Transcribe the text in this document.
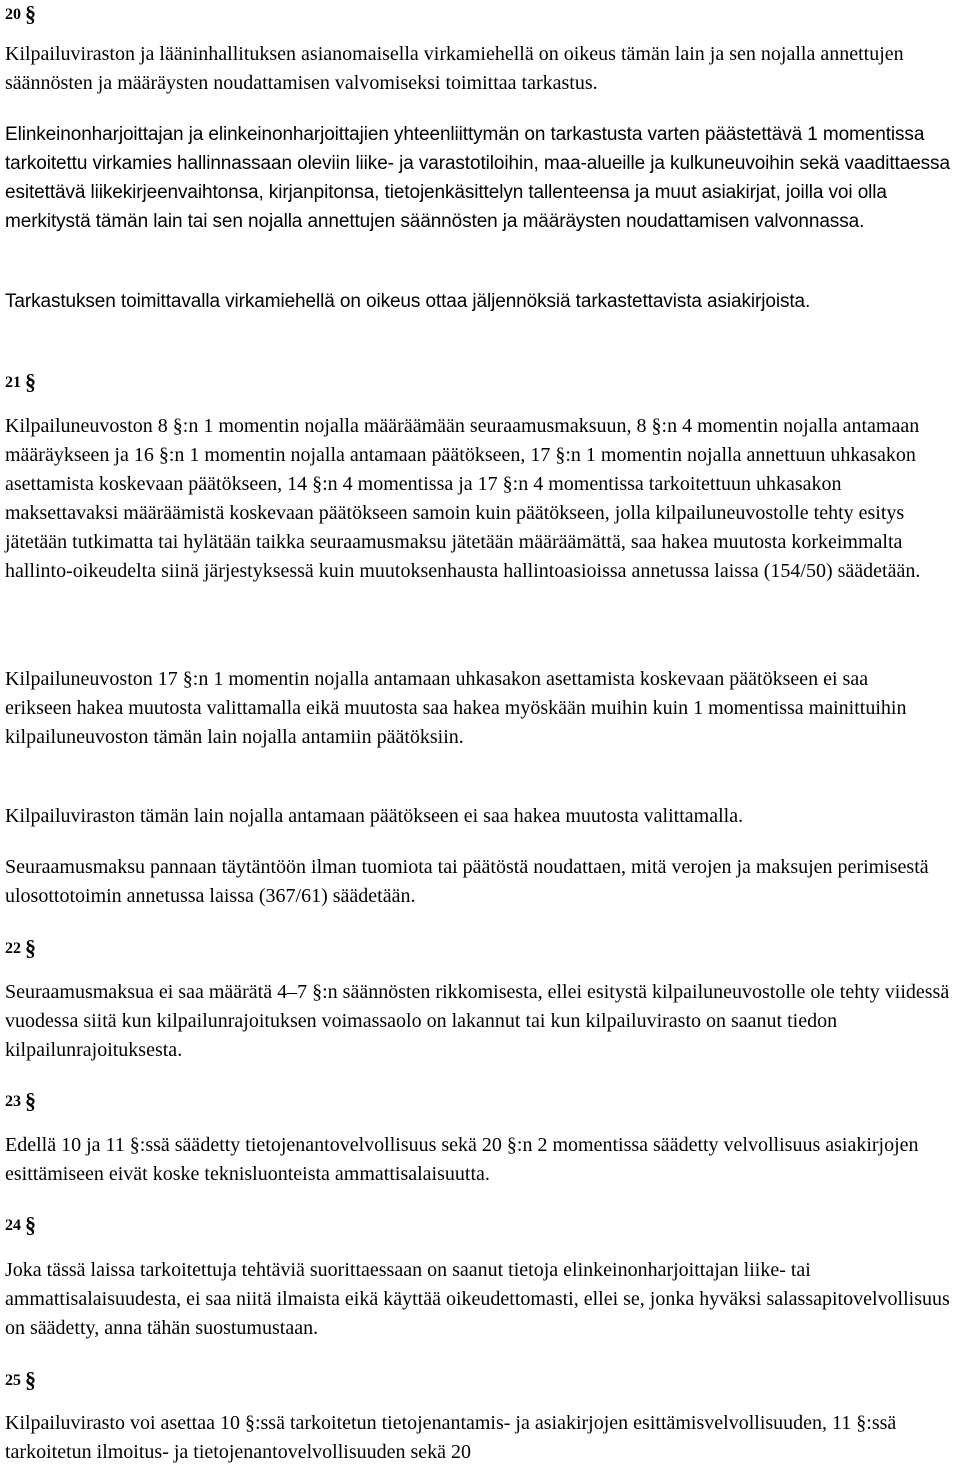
20 §

Kilpailuviraston ja lääninhallituksen asianomaisella virkamiehellä on oikeus tämän lain ja sen nojalla annettujen säännösten ja määräysten noudattamisen valvomiseksi toimittaa tarkastus.

Elinkeinonharjoittajan ja elinkeinonharjoittajien yhteenliittymän on tarkastusta varten päästettävä 1 momentissa tarkoitettu virkamies hallinnassaan oleviin liike- ja varastotiloihin, maa-alueille ja kulkuneuvoihin sekä vaadittaessa esitettävä liikekirjeenvaihtonsa, kirjanpitonsa, tietojenkäsittelyn tallenteensa ja muut asiakirjat, joilla voi olla merkitystä tämän lain tai sen nojalla annettujen säännösten ja määräysten noudattamisen valvonnassa.

Tarkastuksen toimittavalla virkamiehellä on oikeus ottaa jäljennöksiä tarkastettavista asiakirjoista.

21 §

Kilpailuneuvoston 8 §:n 1 momentin nojalla määräämään seuraamusmaksuun, 8 §:n 4 momentin nojalla antamaan määräykseen ja 16 §:n 1 momentin nojalla antamaan päätökseen, 17 §:n 1 momentin nojalla annettuun uhkasakon asettamista koskevaan päätökseen, 14 §:n 4 momentissa ja 17 §:n 4 momentissa tarkoitettuun uhkasakon maksettavaksi määräämistä koskevaan päätökseen samoin kuin päätökseen, jolla kilpailuneuvostolle tehty esitys jätetään tutkimatta tai hylätään taikka seuraamusmaksu jätetään määräämättä, saa hakea muutosta korkeimmalta hallinto-oikeudelta siinä järjestyksessä kuin muutoksenhausta hallintoasioissa annetussa laissa (154/50) säädetään.

Kilpailuneuvoston 17 §:n 1 momentin nojalla antamaan uhkasakon asettamista koskevaan päätökseen ei saa erikseen hakea muutosta valittamalla eikä muutosta saa hakea myöskään muihin kuin 1 momentissa mainittuihin kilpailuneuvoston tämän lain nojalla antamiin päätöksiin.

Kilpailuviraston tämän lain nojalla antamaan päätökseen ei saa hakea muutosta valittamalla.

Seuraamusmaksu pannaan täytäntöön ilman tuomiota tai päätöstä noudattaen, mitä verojen ja maksujen perimisestä ulosottotoimin annetussa laissa (367/61) säädetään.

22 §

Seuraamusmaksua ei saa määrätä 4–7 §:n säännösten rikkomisesta, ellei esitystä kilpailuneuvostolle ole tehty viidessä vuodessa siitä kun kilpailunrajoituksen voimassaolo on lakannut tai kun kilpailuvirasto on saanut tiedon kilpailunrajoituksesta.

23 §

Edellä 10 ja 11 §:ssä säädetty tietojenantovelvollisuus sekä 20 §:n 2 momentissa säädetty velvollisuus asiakirjojen esittämiseen eivät koske teknisluonteista ammattisalaisuutta.

24 §

Joka tässä laissa tarkoitettuja tehtäviä suorittaessaan on saanut tietoja elinkeinonharjoittajan liike- tai ammattisalaisuudesta, ei saa niitä ilmaista eikä käyttää oikeudettomasti, ellei se, jonka hyväksi salassapitovelvollisuus on säädetty, anna tähän suostumustaan.

25 §

Kilpailuvirasto voi asettaa 10 §:ssä tarkoitetun tietojenantamis- ja asiakirjojen esittämisvelvollisuuden, 11 §:ssä tarkoitetun ilmoitus- ja tietojenantovelvollisuuden sekä 20
